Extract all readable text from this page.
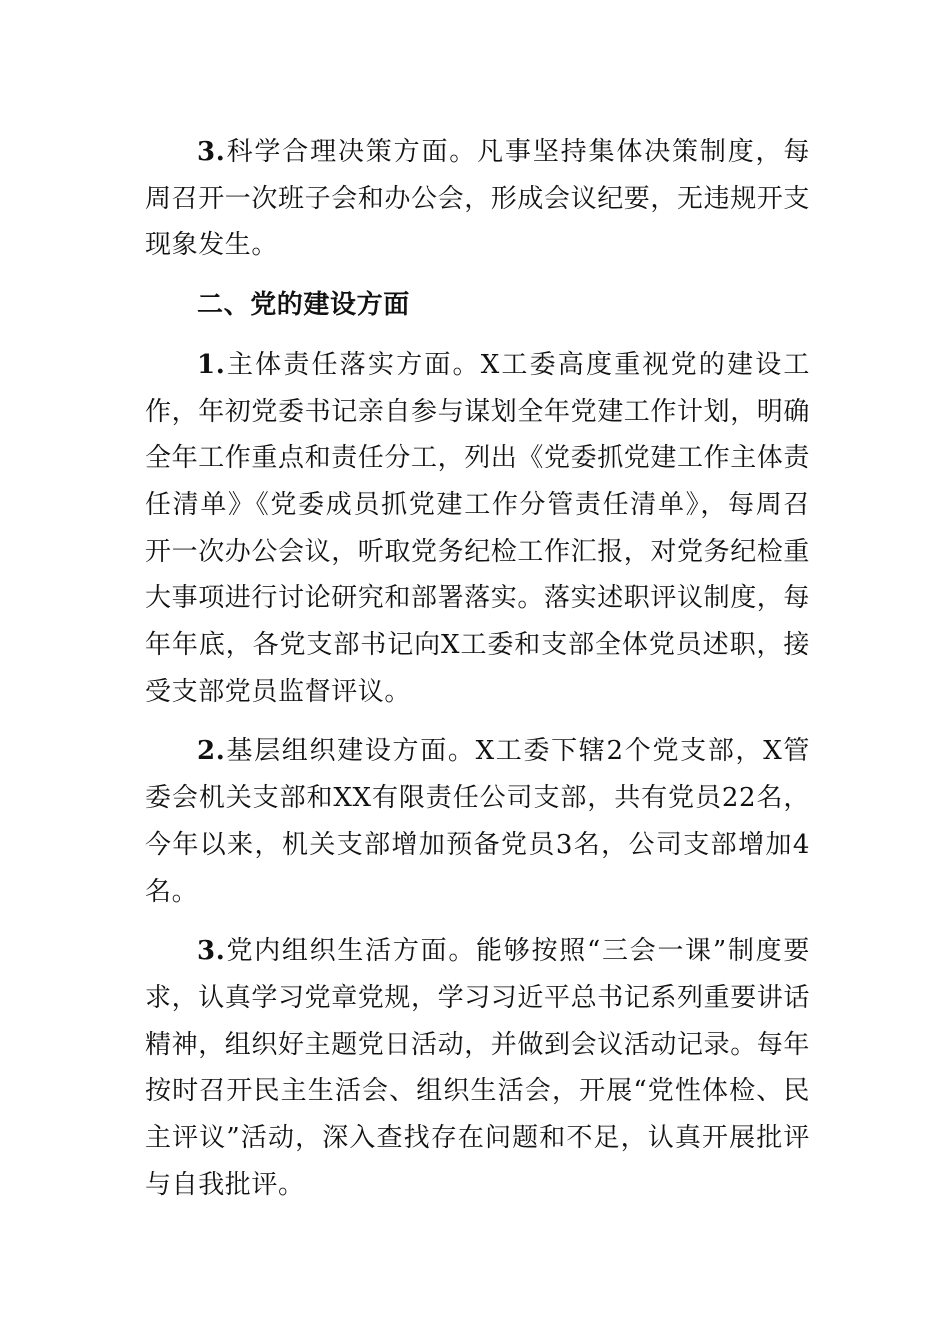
3.科学合理决策方面。凡事坚持集体决策制度，每周召开一次班子会和办公会，形成会议纪要，无违规开支现象发生。

二、党的建设方面

1.主体责任落实方面。X工委高度重视党的建设工作，年初党委书记亲自参与谋划全年党建工作计划，明确全年工作重点和责任分工，列出《党委抓党建工作主体责任清单》《党委成员抓党建工作分管责任清单》，每周召开一次办公会议，听取党务纪检工作汇报，对党务纪检重大事项进行讨论研究和部署落实。落实述职评议制度，每年年底，各党支部书记向X工委和支部全体党员述职，接受支部党员监督评议。

2.基层组织建设方面。X工委下辖2个党支部，X管委会机关支部和XX有限责任公司支部，共有党员22名，今年以来，机关支部增加预备党员3名，公司支部增加4名。

3.党内组织生活方面。能够按照“三会一课”制度要求，认真学习党章党规，学习习近平总书记系列重要讲话精神，组织好主题党日活动，并做到会议活动记录。每年按时召开民主生活会、组织生活会，开展“党性体检、民主评议”活动，深入查找存在问题和不足，认真开展批评与自我批评。
